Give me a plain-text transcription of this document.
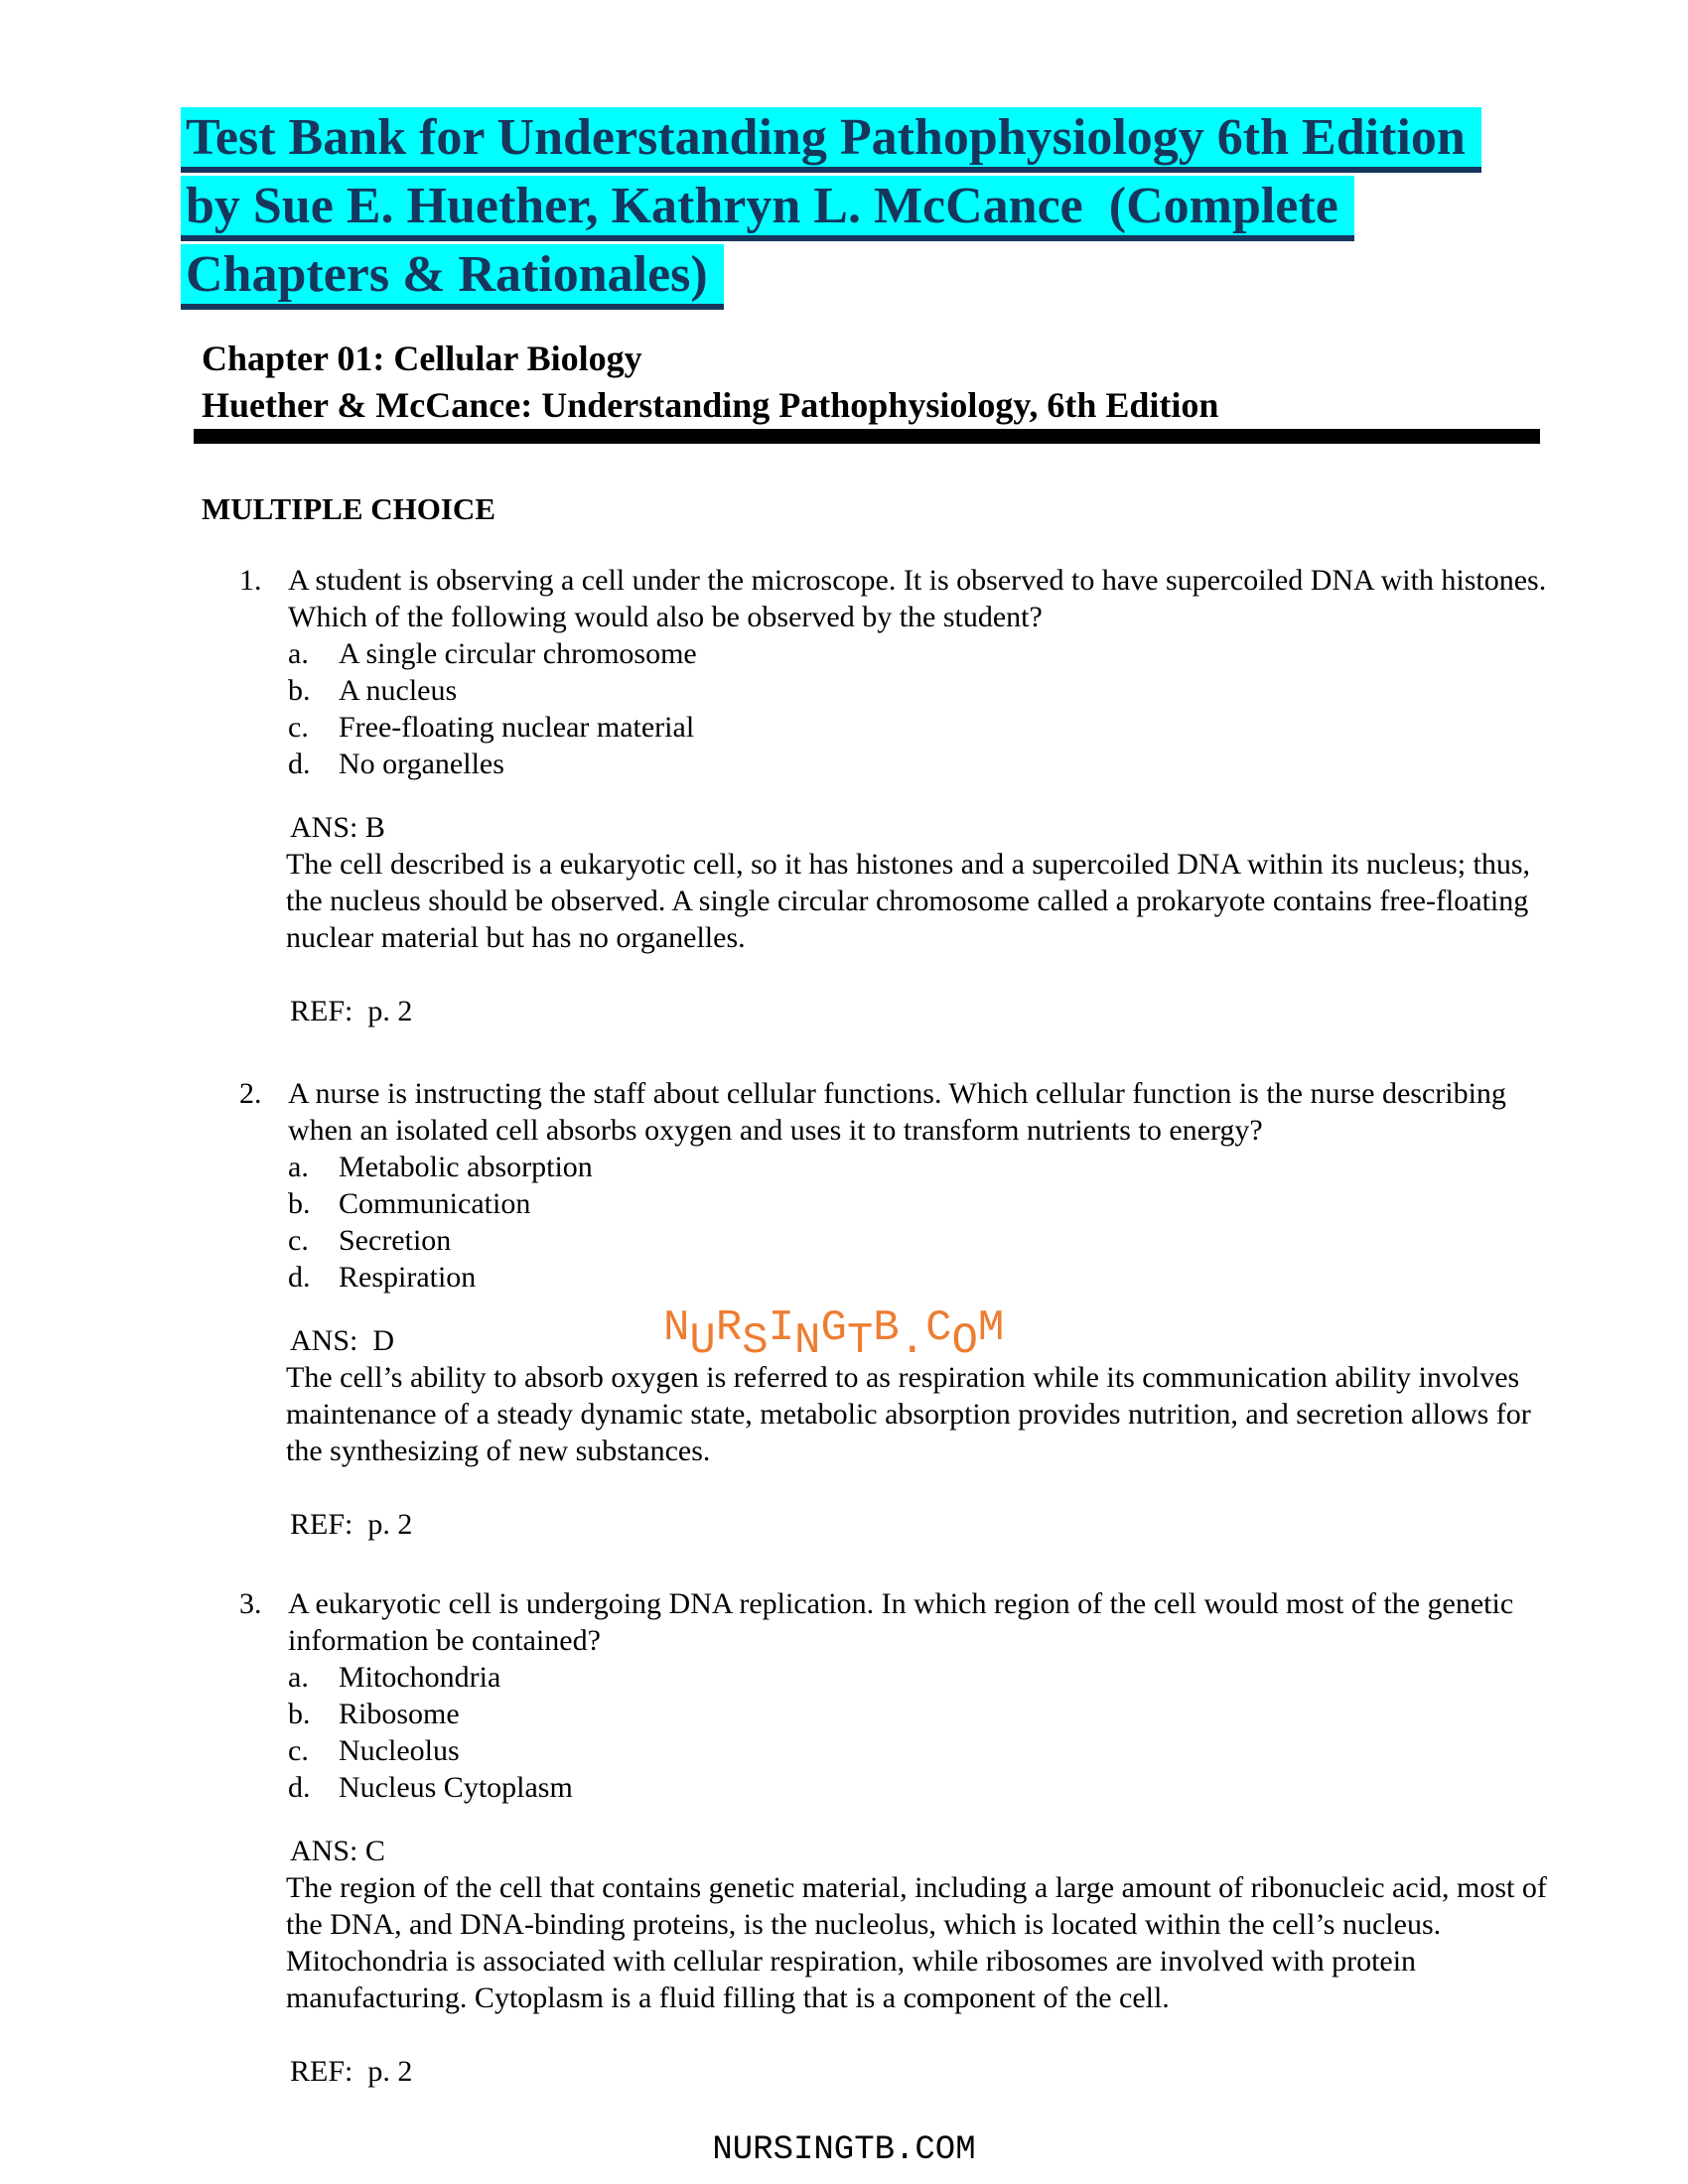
Test Bank for Understanding Pathophysiology 6th Edition
by Sue E. Huether, Kathryn L. McCance  (Complete
Chapters & Rationales)
Chapter 01: Cellular Biology
Huether & McCance: Understanding Pathophysiology, 6th Edition
MULTIPLE CHOICE
1. A student is observing a cell under the microscope. It is observed to have supercoiled DNA with histones. Which of the following would also be observed by the student?
a.	A single circular chromosome
b. A nucleus
c.	Free-floating nuclear material
d. No organelles
ANS: B
The cell described is a eukaryotic cell, so it has histones and a supercoiled DNA within its nucleus; thus, the nucleus should be observed. A single circular chromosome called a prokaryote contains free-floating nuclear material but has no organelles.
REF:  p. 2
2. A nurse is instructing the staff about cellular functions. Which cellular function is the nurse describing when an isolated cell absorbs oxygen and uses it to transform nutrients to energy?
a.	Metabolic absorption
b. Communication
c.	Secretion
d. Respiration
ANS:  D
The cell’s ability to absorb oxygen is referred to as respiration while its communication ability involves maintenance of a steady dynamic state, metabolic absorption provides nutrition, and secretion allows for the synthesizing of new substances.
REF:  p. 2
3. A eukaryotic cell is undergoing DNA replication. In which region of the cell would most of the genetic information be contained?
a.	Mitochondria
b. Ribosome
c.	Nucleolus
d. Nucleus Cytoplasm
ANS: C
The region of the cell that contains genetic material, including a large amount of ribonucleic acid, most of the DNA, and DNA-binding proteins, is the nucleolus, which is located within the cell’s nucleus. Mitochondria is associated with cellular respiration, while ribosomes are involved with protein manufacturing. Cytoplasm is a fluid filling that is a component of the cell.
REF:  p. 2
NURSINGTB.COM
NURSINGTB.COM
